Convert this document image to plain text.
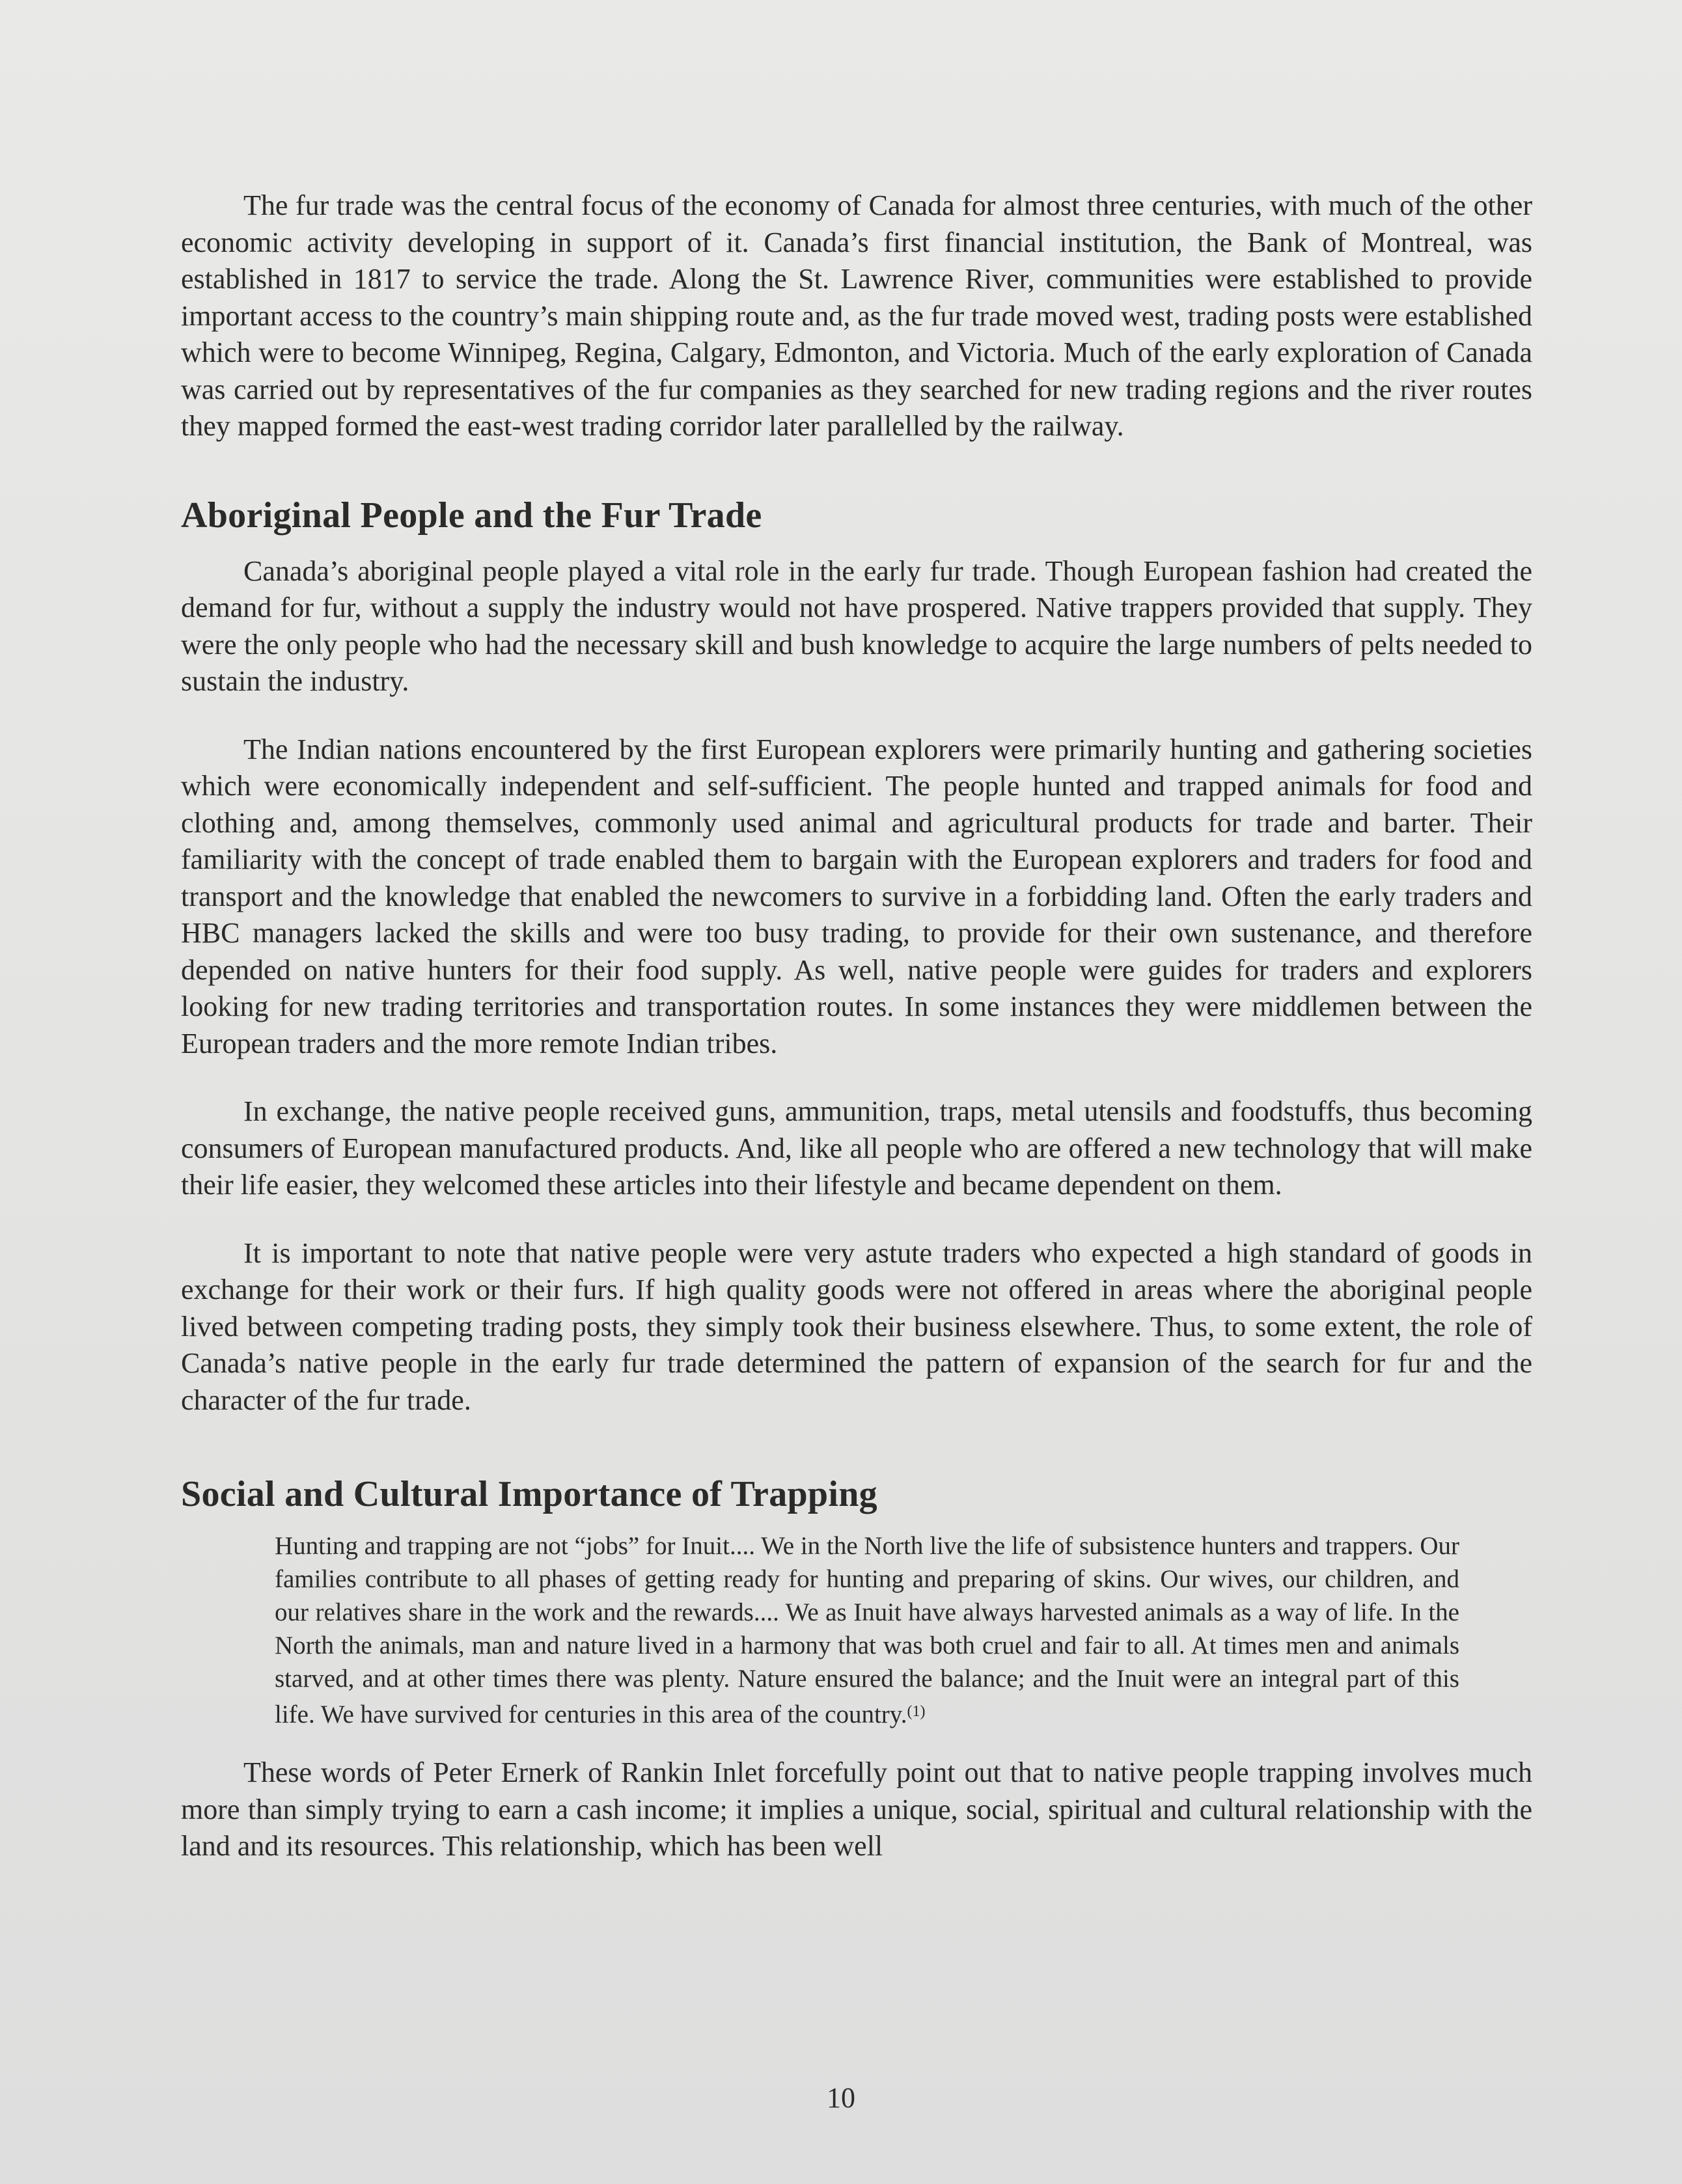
The fur trade was the central focus of the economy of Canada for almost three centuries, with much of the other economic activity developing in support of it. Canada’s first financial institution, the Bank of Montreal, was established in 1817 to service the trade. Along the St. Lawrence River, communities were established to provide important access to the country’s main shipping route and, as the fur trade moved west, trading posts were established which were to become Winnipeg, Regina, Calgary, Edmonton, and Victoria. Much of the early exploration of Canada was carried out by representatives of the fur companies as they searched for new trading regions and the river routes they mapped formed the east-west trading corridor later parallelled by the railway.

Aboriginal People and the Fur Trade

Canada’s aboriginal people played a vital role in the early fur trade. Though European fashion had created the demand for fur, without a supply the industry would not have prospered. Native trappers provided that supply. They were the only people who had the necessary skill and bush knowledge to acquire the large numbers of pelts needed to sustain the industry.

The Indian nations encountered by the first European explorers were primarily hunting and gathering societies which were economically independent and self-sufficient. The people hunted and trapped animals for food and clothing and, among themselves, commonly used animal and agricultural products for trade and barter. Their familiarity with the concept of trade enabled them to bargain with the European explorers and traders for food and transport and the knowledge that enabled the newcomers to survive in a forbidding land. Often the early traders and HBC managers lacked the skills and were too busy trading, to provide for their own sustenance, and therefore depended on native hunters for their food supply. As well, native people were guides for traders and explorers looking for new trading territories and transportation routes. In some instances they were middlemen between the European traders and the more remote Indian tribes.

In exchange, the native people received guns, ammunition, traps, metal utensils and foodstuffs, thus becoming consumers of European manufactured products. And, like all people who are offered a new technology that will make their life easier, they welcomed these articles into their lifestyle and became dependent on them.

It is important to note that native people were very astute traders who expected a high standard of goods in exchange for their work or their furs. If high quality goods were not offered in areas where the aboriginal people lived between competing trading posts, they simply took their business elsewhere. Thus, to some extent, the role of Canada’s native people in the early fur trade determined the pattern of expansion of the search for fur and the character of the fur trade.

Social and Cultural Importance of Trapping
Hunting and trapping are not “jobs” for Inuit.... We in the North live the life of subsistence hunters and trappers. Our families contribute to all phases of getting ready for hunting and preparing of skins. Our wives, our children, and our relatives share in the work and the rewards.... We as Inuit have always harvested animals as a way of life. In the North the animals, man and nature lived in a harmony that was both cruel and fair to all. At times men and animals starved, and at other times there was plenty. Nature ensured the balance; and the Inuit were an integral part of this life. We have survived for centuries in this area of the country.$^{(1)}$

These words of Peter Ernerk of Rankin Inlet forcefully point out that to native people trapping involves much more than simply trying to earn a cash income; it implies a unique, social, spiritual and cultural relationship with the land and its resources. This relationship, which has been well

10
